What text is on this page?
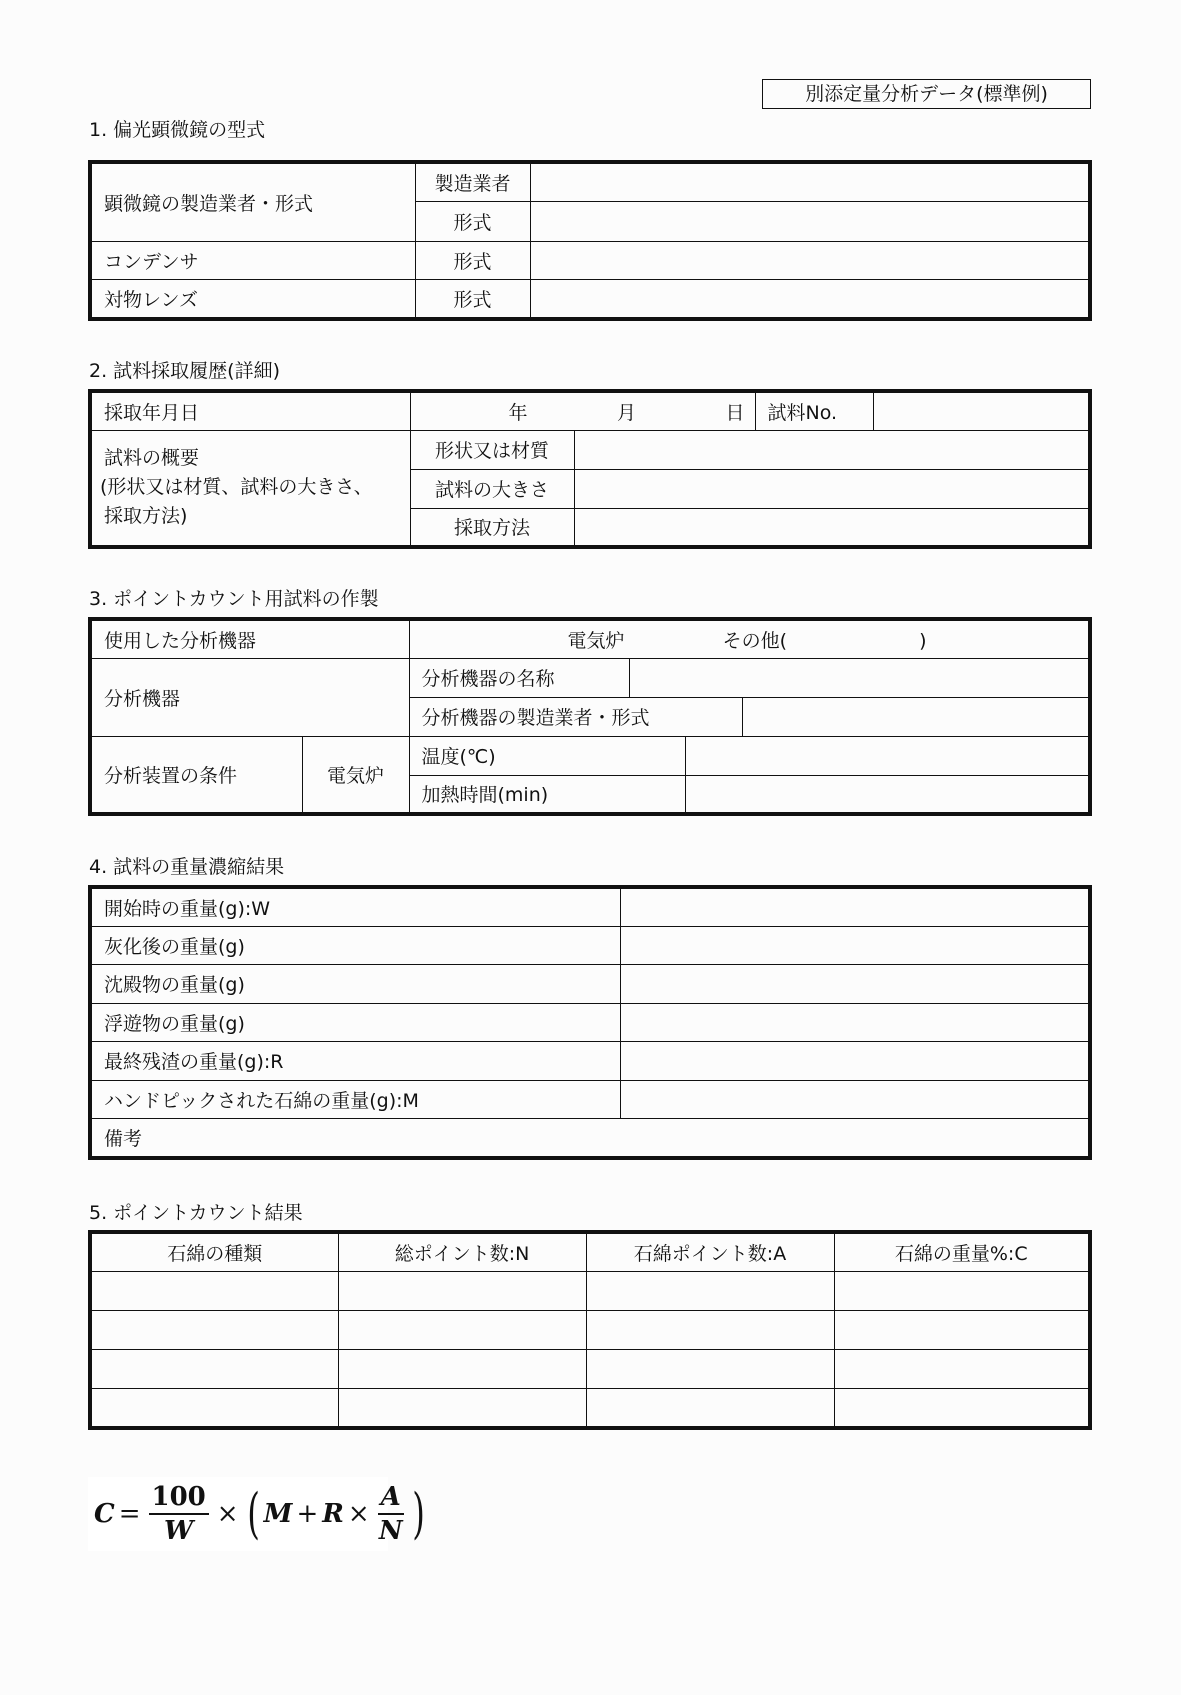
別添定量分析データ(標準例)
1. 偏光顕微鏡の型式
顕微鏡の製造業者・形式	製造業者	
	形式	
コンデンサ	形式	
対物レンズ	形式	
2. 試料採取履歴(詳細)
採取年月日	年 月 日		試料No.	

試料の概要
(形状又は材質、試料の大きさ、
採取方法)	形状又は材質			
	試料の大きさ			
	採取方法			
3. ポイントカウント用試料の作製
使用した分析機器		電気炉 その他( )			
分析機器		分析機器の名称			
		分析機器の製造業者・形式			
分析装置の条件	電気炉	温度(℃)			
		加熱時間(min)			
4. 試料の重量濃縮結果
開始時の重量(g):W	
灰化後の重量(g)	
沈殿物の重量(g)	
浮遊物の重量(g)	
最終残渣の重量(g):R	
ハンドピックされた石綿の重量(g):M	
備考	
5. ポイントカウント結果
石綿の種類	総ポイント数:N	石綿ポイント数:A	石綿の重量%:C

$C = \frac{100}{W}$ × ( $M + R \times \frac{A}{N}$ )
